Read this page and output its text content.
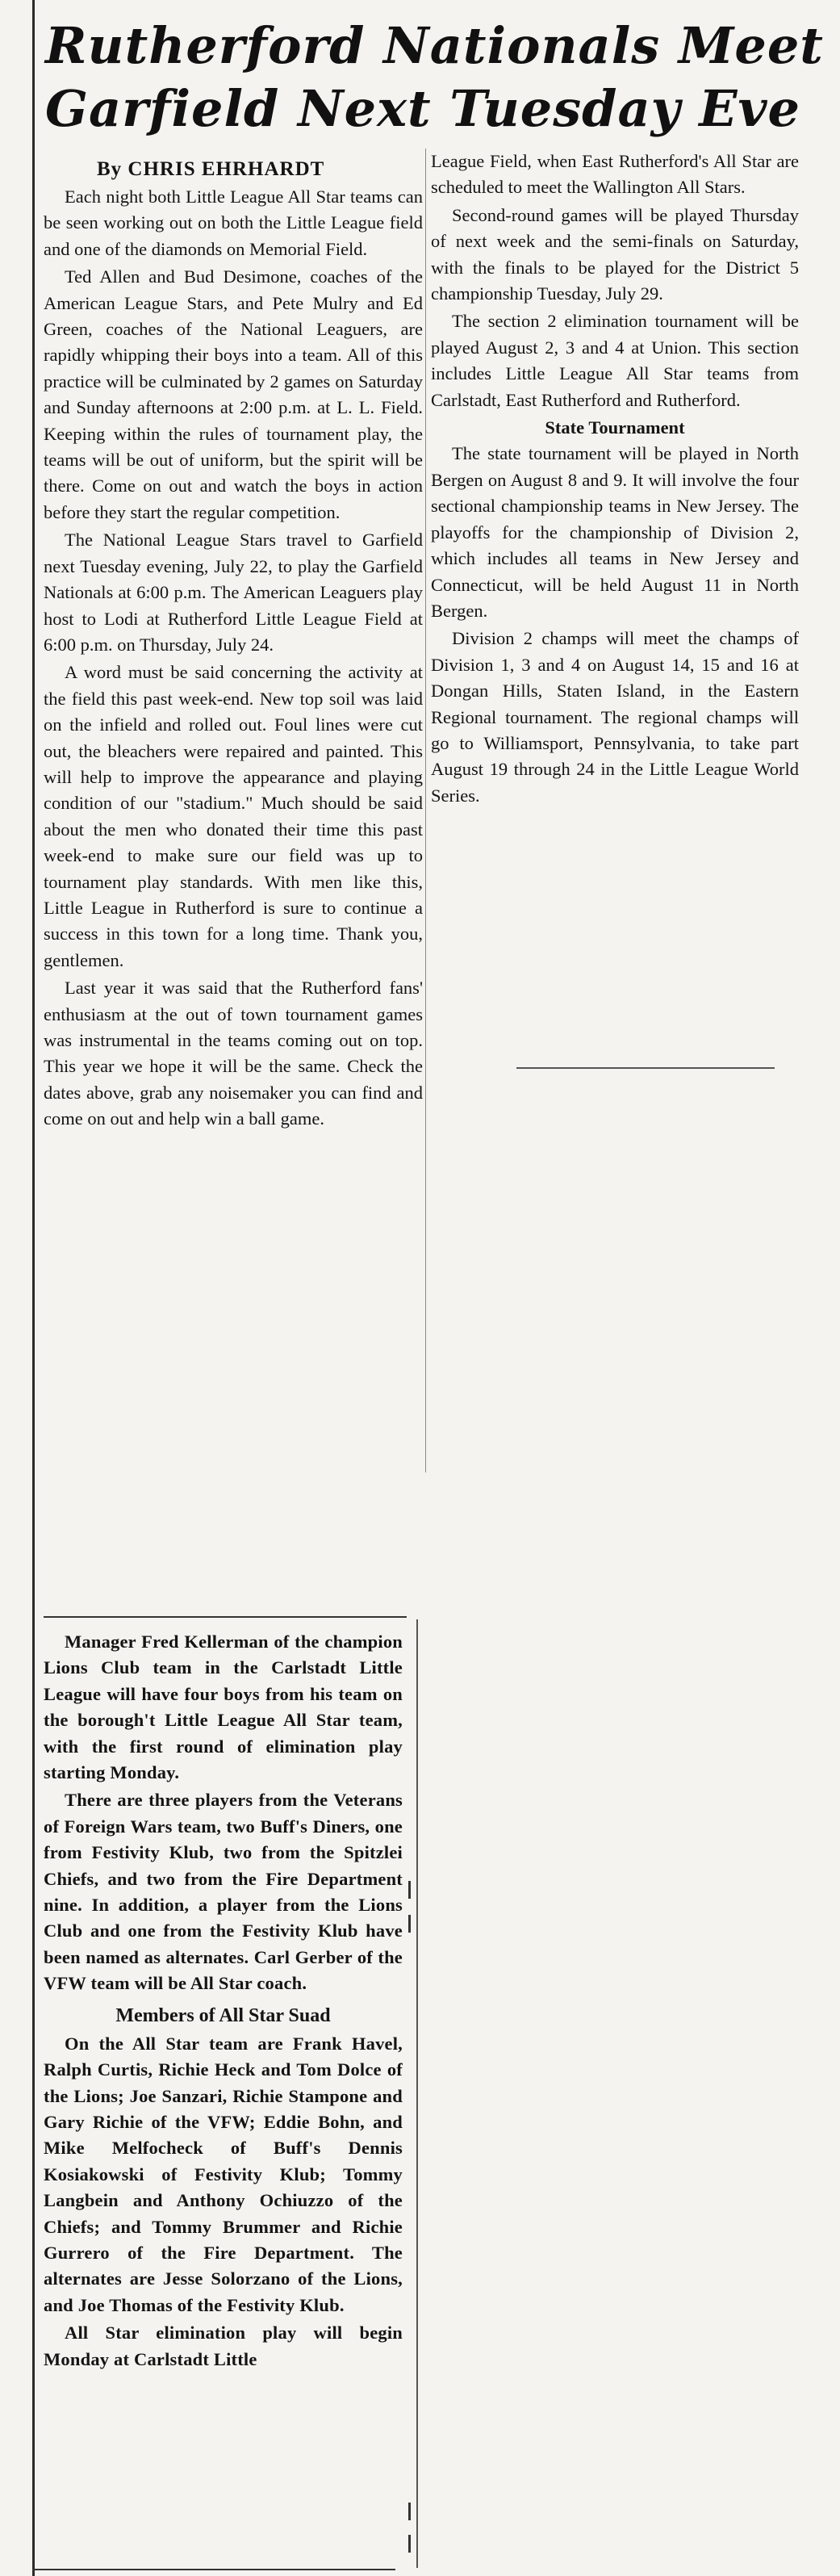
Rutherford Nationals Meet Garfield Next Tuesday Eve

By CHRIS EHRHARDT

Each night both Little League All Star teams can be seen working out on both the Little League field and one of the diamonds on Memorial Field.

Ted Allen and Bud Desimone, coaches of the American League Stars, and Pete Mulry and Ed Green, coaches of the National Leaguers, are rapidly whipping their boys into a team. All of this practice will be culminated by 2 games on Saturday and Sunday afternoons at 2:00 p.m. at L. L. Field. Keeping within the rules of tournament play, the teams will be out of uniform, but the spirit will be there. Come on out and watch the boys in action before they start the regular competition.

The National League Stars travel to Garfield next Tuesday evening, July 22, to play the Garfield Nationals at 6:00 p.m. The American Leaguers play host to Lodi at Rutherford Little League Field at 6:00 p.m. on Thursday, July 24.

A word must be said concerning the activity at the field this past week-end. New top soil was laid on the infield and rolled out. Foul lines were cut out, the bleachers were repaired and painted. This will help to improve the appearance and playing condition of our "stadium." Much should be said about the men who donated their time this past week-end to make sure our field was up to tournament play standards. With men like this, Little League in Rutherford is sure to continue a success in this town for a long time. Thank you, gentlemen.

Last year it was said that the Rutherford fans' enthusiasm at the out of town tournament games was instrumental in the teams coming out on top. This year we hope it will be the same. Check the dates above, grab any noisemaker you can find and come on out and help win a ball game.

League Field, when East Rutherford's All Star are scheduled to meet the Wallington All Stars.

Second-round games will be played Thursday of next week and the semi-finals on Saturday, with the finals to be played for the District 5 championship Tuesday, July 29.

The section 2 elimination tournament will be played August 2, 3 and 4 at Union. This section includes Little League All Star teams from Carlstadt, East Rutherford and Rutherford.

State Tournament

The state tournament will be played in North Bergen on August 8 and 9. It will involve the four sectional championship teams in New Jersey. The playoffs for the championship of Division 2, which includes all teams in New Jersey and Connecticut, will be held August 11 in North Bergen.

Division 2 champs will meet the champs of Division 1, 3 and 4 on August 14, 15 and 16 at Dongan Hills, Staten Island, in the Eastern Regional tournament. The regional champs will go to Williamsport, Pennsylvania, to take part August 19 through 24 in the Little League World Series.

Manager Fred Kellerman of the champion Lions Club team in the Carlstadt Little League will have four boys from his team on the borough't Little League All Star team, with the first round of elimination play starting Monday.

There are three players from the Veterans of Foreign Wars team, two Buff's Diners, one from Festivity Klub, two from the Spitzlei Chiefs, and two from the Fire Department nine. In addition, a player from the Lions Club and one from the Festivity Klub have been named as alternates. Carl Gerber of the VFW team will be All Star coach.

Members of All Star Suad

On the All Star team are Frank Havel, Ralph Curtis, Richie Heck and Tom Dolce of the Lions; Joe Sanzari, Richie Stampone and Gary Richie of the VFW; Eddie Bohn, and Mike Melfocheck of Buff's Dennis Kosiakowski of Festivity Klub; Tommy Langbein and Anthony Ochiuzzo of the Chiefs; and Tommy Brummer and Richie Gurrero of the Fire Department. The alternates are Jesse Solorzano of the Lions, and Joe Thomas of the Festivity Klub.

All Star elimination play will begin Monday at Carlstadt Little
